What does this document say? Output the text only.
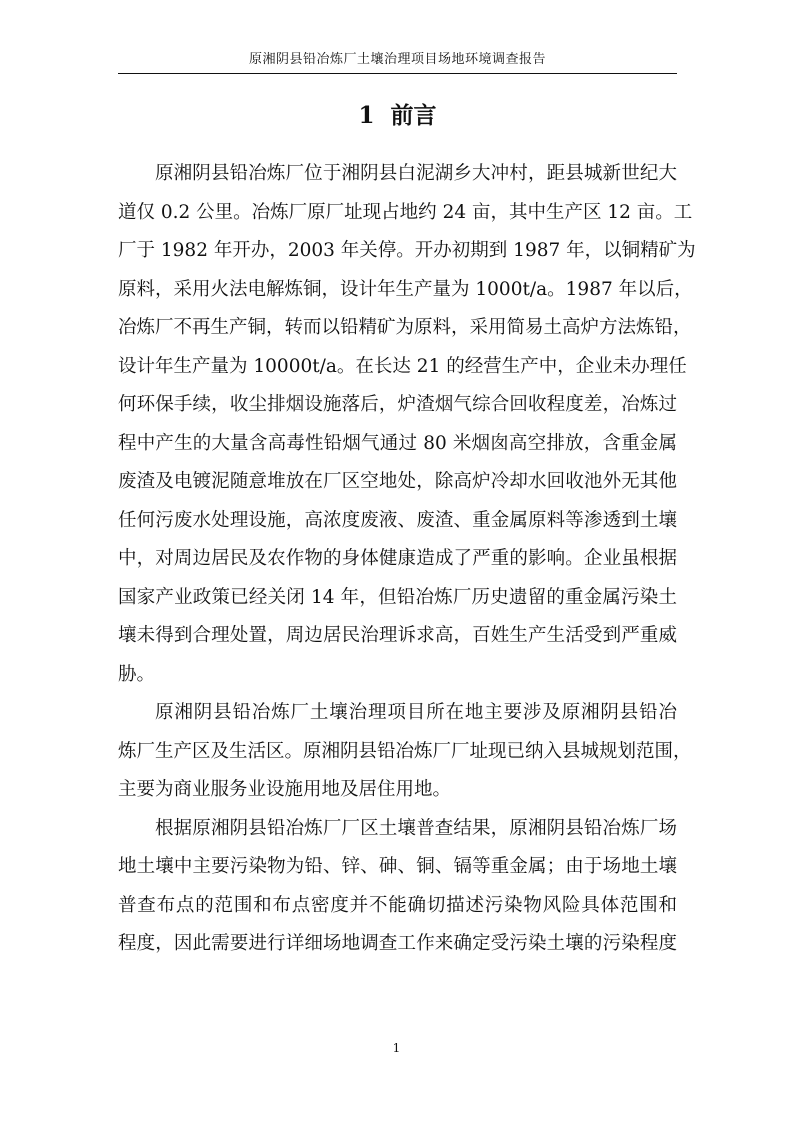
原湘阴县铅冶炼厂土壤治理项目场地环境调查报告
1 前言
原湘阴县铅冶炼厂位于湘阴县白泥湖乡大冲村，距县城新世纪大
道仅 0.2 公里。冶炼厂原厂址现占地约 24 亩，其中生产区 12 亩。工
厂于 1982 年开办，2003 年关停。开办初期到 1987 年，以铜精矿为
原料，采用火法电解炼铜，设计年生产量为 1000t/a。1987 年以后，
冶炼厂不再生产铜，转而以铅精矿为原料，采用简易土高炉方法炼铅，
设计年生产量为 10000t/a。在长达 21 的经营生产中，企业未办理任
何环保手续，收尘排烟设施落后，炉渣烟气综合回收程度差，冶炼过
程中产生的大量含高毒性铅烟气通过 80 米烟囱高空排放，含重金属
废渣及电镀泥随意堆放在厂区空地处，除高炉冷却水回收池外无其他
任何污废水处理设施，高浓度废液、废渣、重金属原料等渗透到土壤
中，对周边居民及农作物的身体健康造成了严重的影响。企业虽根据
国家产业政策已经关闭 14 年，但铅冶炼厂历史遗留的重金属污染土
壤未得到合理处置，周边居民治理诉求高，百姓生产生活受到严重威
胁。
原湘阴县铅冶炼厂土壤治理项目所在地主要涉及原湘阴县铅冶
炼厂生产区及生活区。原湘阴县铅冶炼厂厂址现已纳入县城规划范围，
主要为商业服务业设施用地及居住用地。
根据原湘阴县铅冶炼厂厂区土壤普查结果，原湘阴县铅冶炼厂场
地土壤中主要污染物为铅、锌、砷、铜、镉等重金属；由于场地土壤
普查布点的范围和布点密度并不能确切描述污染物风险具体范围和
程度，因此需要进行详细场地调查工作来确定受污染土壤的污染程度
1
